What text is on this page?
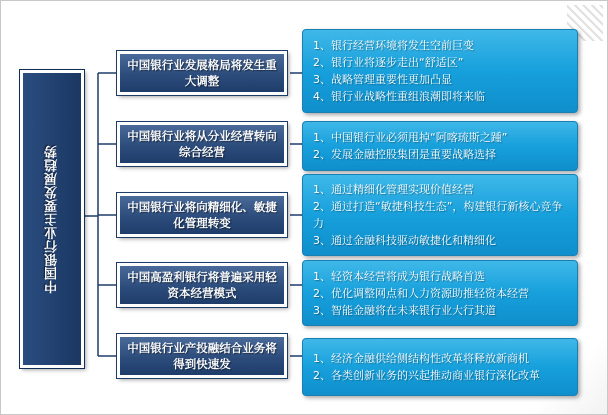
中国银行业主要发展趋势
中国银行业发展格局将发生重大调整
1、银行经营环境将发生空前巨变
2、银行业将逐步走出“舒适区”
3、战略管理重要性更加凸显
4、银行业战略性重组浪潮即将来临
中国银行业将从分业经营转向综合经营
1、中国银行业必须甩掉“阿喀琉斯之踵”
2、发展金融控股集团是重要战略选择
中国银行业将向精细化、敏捷化管理转变
1、通过精细化管理实现价值经营
2、通过打造“敏捷科技生态”，构建银行新核心竞争力
3、通过金融科技驱动敏捷化和精细化
中国高盈利银行将普遍采用轻资本经营模式
1、轻资本经营将成为银行战略首选
2、优化调整网点和人力资源助推轻资本经营
3、智能金融将在未来银行业大行其道
中国银行业产投融结合业务将得到快速发	1、经济金融供给侧结构性改革将释放新商机
2、各类创新业务的兴起推动商业银行深化改革
